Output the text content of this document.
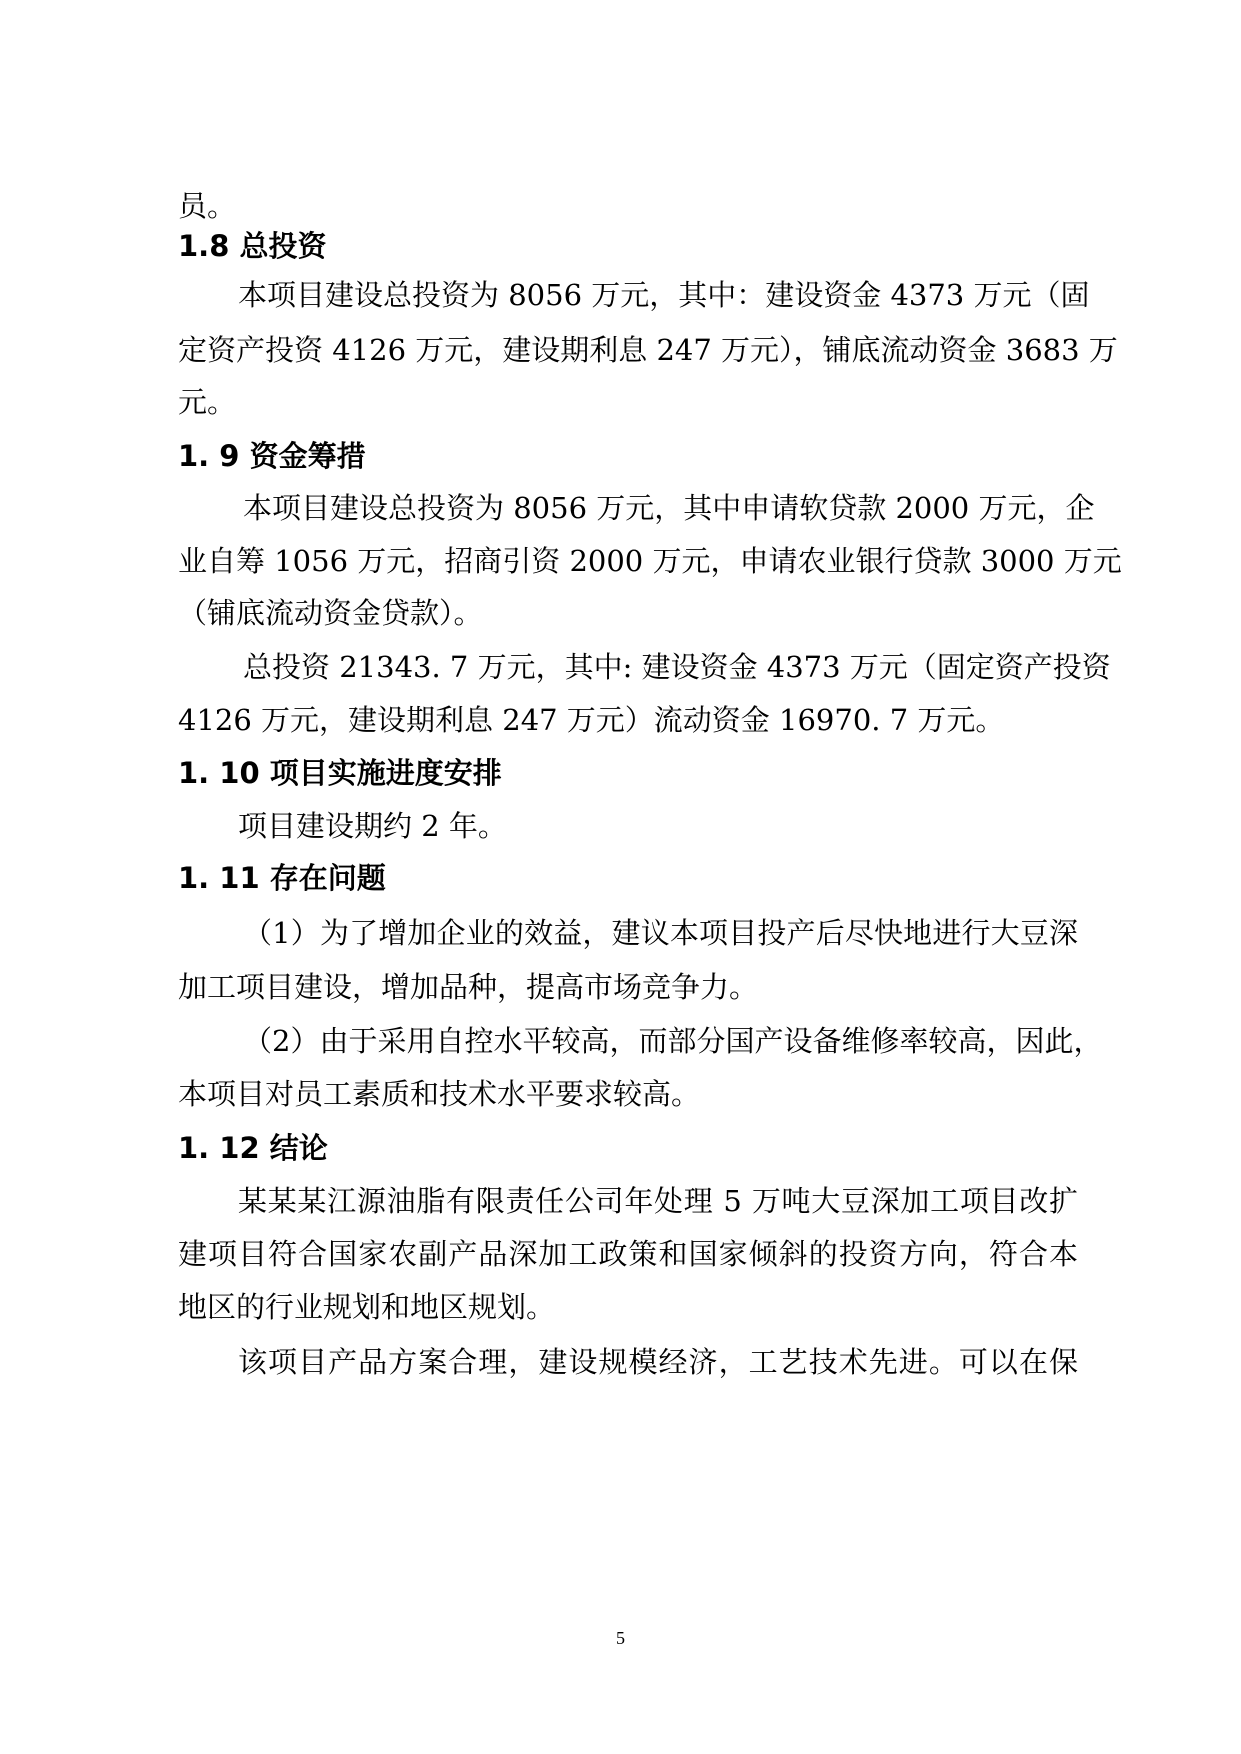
员。
1.8 总投资
本项目建设总投资为 8056 万元，其中：建设资金 4373 万元（固
定资产投资 4126 万元，建设期利息 247 万元），铺底流动资金 3683 万
元。
1. 9 资金筹措
本项目建设总投资为 8056 万元，其中申请软贷款 2000 万元，企
业自筹 1056 万元，招商引资 2000 万元，申请农业银行贷款 3000 万元
（铺底流动资金贷款）。
总投资 21343. 7 万元，其中: 建设资金 4373 万元（固定资产投资
4126 万元，建设期利息 247 万元）流动资金 16970. 7 万元。
1. 10 项目实施进度安排
项目建设期约 2 年。
1. 11 存在问题
（1）为了增加企业的效益，建议本项目投产后尽快地进行大豆深
加工项目建设，增加品种，提高市场竞争力。
（2）由于采用自控水平较高，而部分国产设备维修率较高，因此，
本项目对员工素质和技术水平要求较高。
1. 12 结论
某某某江源油脂有限责任公司年处理 5 万吨大豆深加工项目改扩
建项目符合国家农副产品深加工政策和国家倾斜的投资方向，符合本
地区的行业规划和地区规划。
该项目产品方案合理，建设规模经济，工艺技术先进。可以在保
5
